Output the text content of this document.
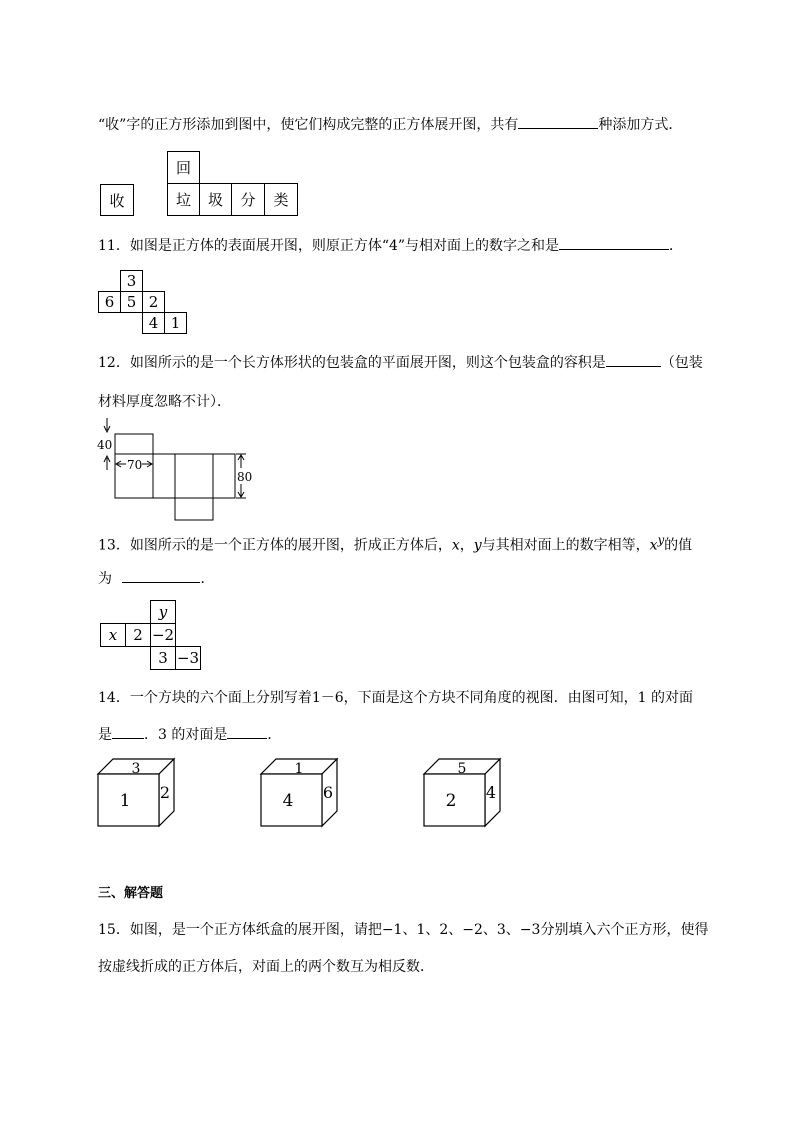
“收”字的正方形添加到图中，使它们构成完整的正方体展开图，共有	种添加方式．
收
回
垃	圾	分	类
11．如图是正方体的表面展开图，则原正方体“4”与相对面上的数字之和是	．
3
6 5 2
4 1
12．如图所示的是一个长方体形状的包装盒的平面展开图，则这个包装盒的容积是	（包装
材料厚度忽略不计）．
40
70
80
13．如图所示的是一个正方体的展开图，折成正方体后，x，y与其相对面上的数字相等，$x^y$的值
为	．
y
x	2 −2
3 −3
14．一个方块的六个面上分别写着1－6，下面是这个方块不同角度的视图．由图可知，1 的对面
是 ．3 的对面是	．
3
1 2
1
4 6
5
2 4
三、解答题
15．如图，是一个正方体纸盒的展开图，请把−1、1、2、−2、3、−3分别填入六个正方形，使得
按虚线折成的正方体后，对面上的两个数互为相反数．
